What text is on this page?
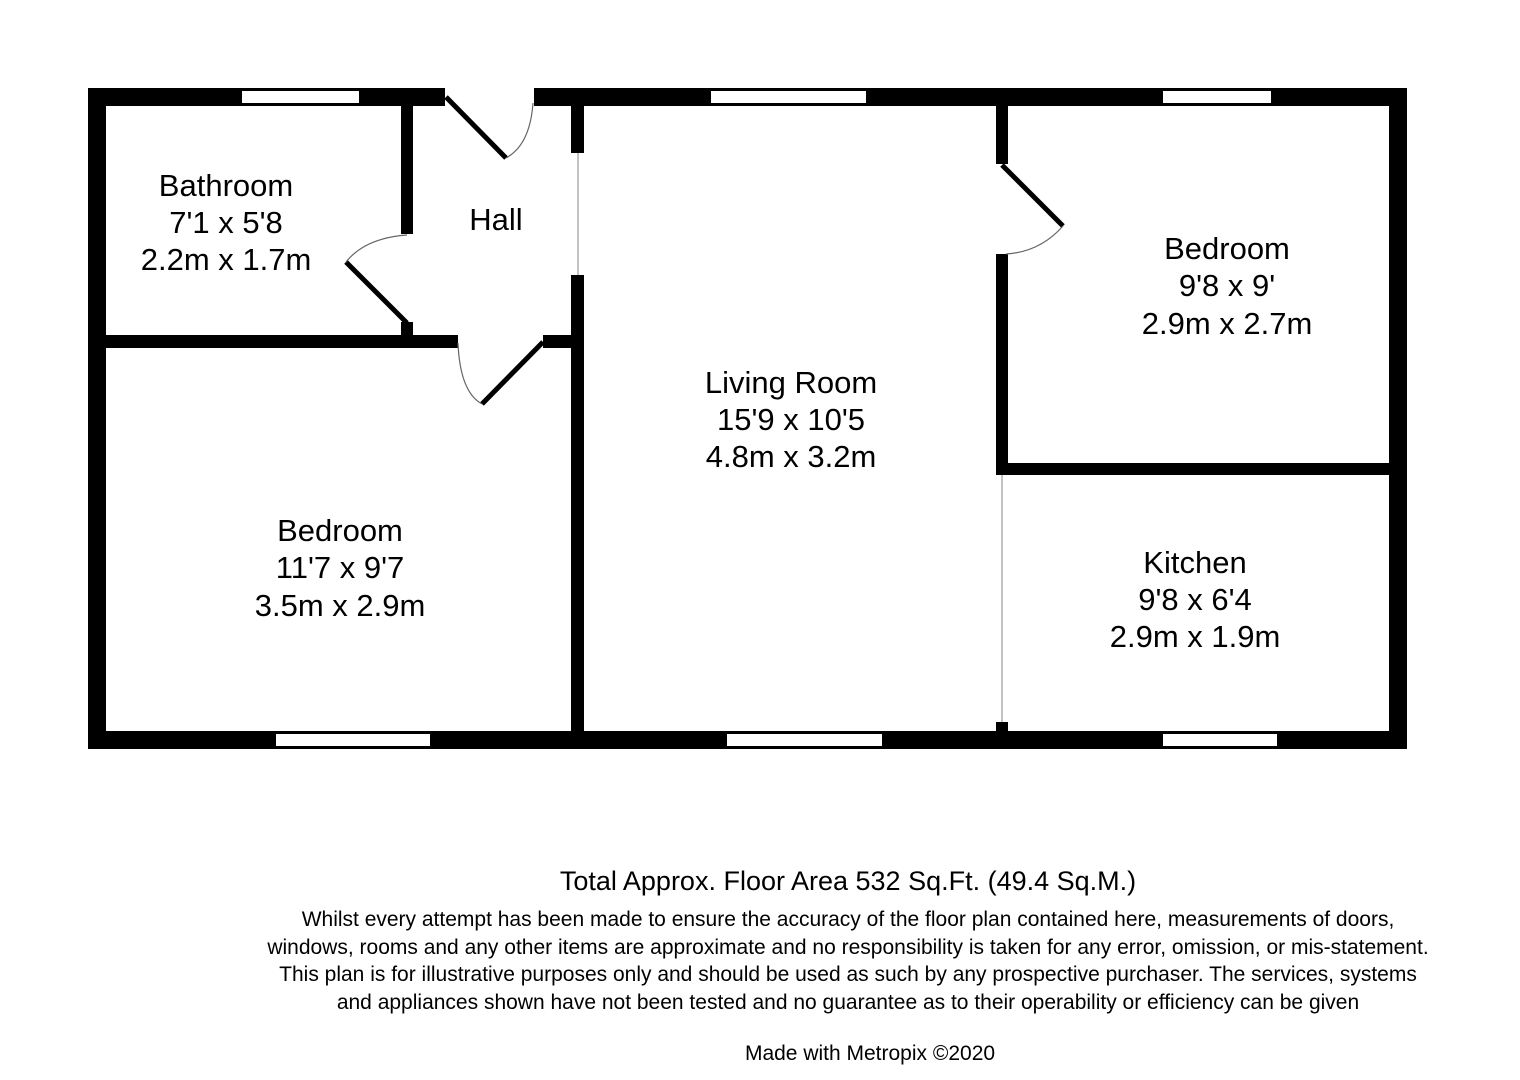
Bathroom
7'1 x 5'8
2.2m x 1.7m
Hall
Living Room
15'9 x 10'5
4.8m x 3.2m
Bedroom
9'8 x 9'
2.9m x 2.7m
Bedroom
11'7 x 9'7
3.5m x 2.9m
Kitchen
9'8 x 6'4
2.9m x 1.9m
Total Approx. Floor Area 532 Sq.Ft. (49.4 Sq.M.)
Whilst every attempt has been made to ensure the accuracy of the floor plan contained here, measurements of doors, windows, rooms and any other items are approximate and no responsibility is taken for any error, omission, or mis-statement. This plan is for illustrative purposes only and should be used as such by any prospective purchaser. The services, systems and appliances shown have not been tested and no guarantee as to their operability or efficiency can be given
Made with Metropix ©2020
